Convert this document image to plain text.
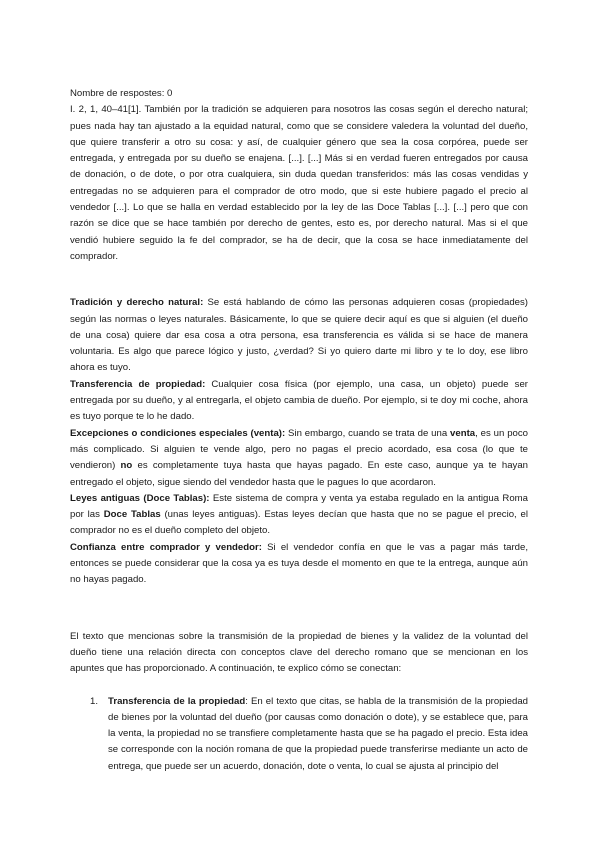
Nombre de respostes: 0

I. 2, 1, 40–41[1]. También por la tradición se adquieren para nosotros las cosas según el derecho natural; pues nada hay tan ajustado a la equidad natural, como que se considere valedera la voluntad del dueño, que quiere transferir a otro su cosa: y así, de cualquier género que sea la cosa corpórea, puede ser entregada, y entregada por su dueño se enajena. [...]. [...] Más si en verdad fueren entregados por causa de donación, o de dote, o por otra cualquiera, sin duda quedan transferidos: más las cosas vendidas y entregadas no se adquieren para el comprador de otro modo, que si este hubiere pagado el precio al vendedor [...]. Lo que se halla en verdad establecido por la ley de las Doce Tablas [...]. [...] pero que con razón se dice que se hace también por derecho de gentes, esto es, por derecho natural. Mas si el que vendió hubiere seguido la fe del comprador, se ha de decir, que la cosa se hace inmediatamente del comprador.

Tradición y derecho natural: Se está hablando de cómo las personas adquieren cosas (propiedades) según las normas o leyes naturales. Básicamente, lo que se quiere decir aquí es que si alguien (el dueño de una cosa) quiere dar esa cosa a otra persona, esa transferencia es válida si se hace de manera voluntaria. Es algo que parece lógico y justo, ¿verdad? Si yo quiero darte mi libro y te lo doy, ese libro ahora es tuyo.

Transferencia de propiedad: Cualquier cosa física (por ejemplo, una casa, un objeto) puede ser entregada por su dueño, y al entregarla, el objeto cambia de dueño. Por ejemplo, si te doy mi coche, ahora es tuyo porque te lo he dado.

Excepciones o condiciones especiales (venta): Sin embargo, cuando se trata de una venta, es un poco más complicado. Si alguien te vende algo, pero no pagas el precio acordado, esa cosa (lo que te vendieron) no es completamente tuya hasta que hayas pagado. En este caso, aunque ya te hayan entregado el objeto, sigue siendo del vendedor hasta que le pagues lo que acordaron.

Leyes antiguas (Doce Tablas): Este sistema de compra y venta ya estaba regulado en la antigua Roma por las Doce Tablas (unas leyes antiguas). Estas leyes decían que hasta que no se pague el precio, el comprador no es el dueño completo del objeto.

Confianza entre comprador y vendedor: Si el vendedor confía en que le vas a pagar más tarde, entonces se puede considerar que la cosa ya es tuya desde el momento en que te la entrega, aunque aún no hayas pagado.

El texto que mencionas sobre la transmisión de la propiedad de bienes y la validez de la voluntad del dueño tiene una relación directa con conceptos clave del derecho romano que se mencionan en los apuntes que has proporcionado. A continuación, te explico cómo se conectan:

1. Transferencia de la propiedad: En el texto que citas, se habla de la transmisión de la propiedad de bienes por la voluntad del dueño (por causas como donación o dote), y se establece que, para la venta, la propiedad no se transfiere completamente hasta que se ha pagado el precio. Esta idea se corresponde con la noción romana de que la propiedad puede transferirse mediante un acto de entrega, que puede ser un acuerdo, donación, dote o venta, lo cual se ajusta al principio del
